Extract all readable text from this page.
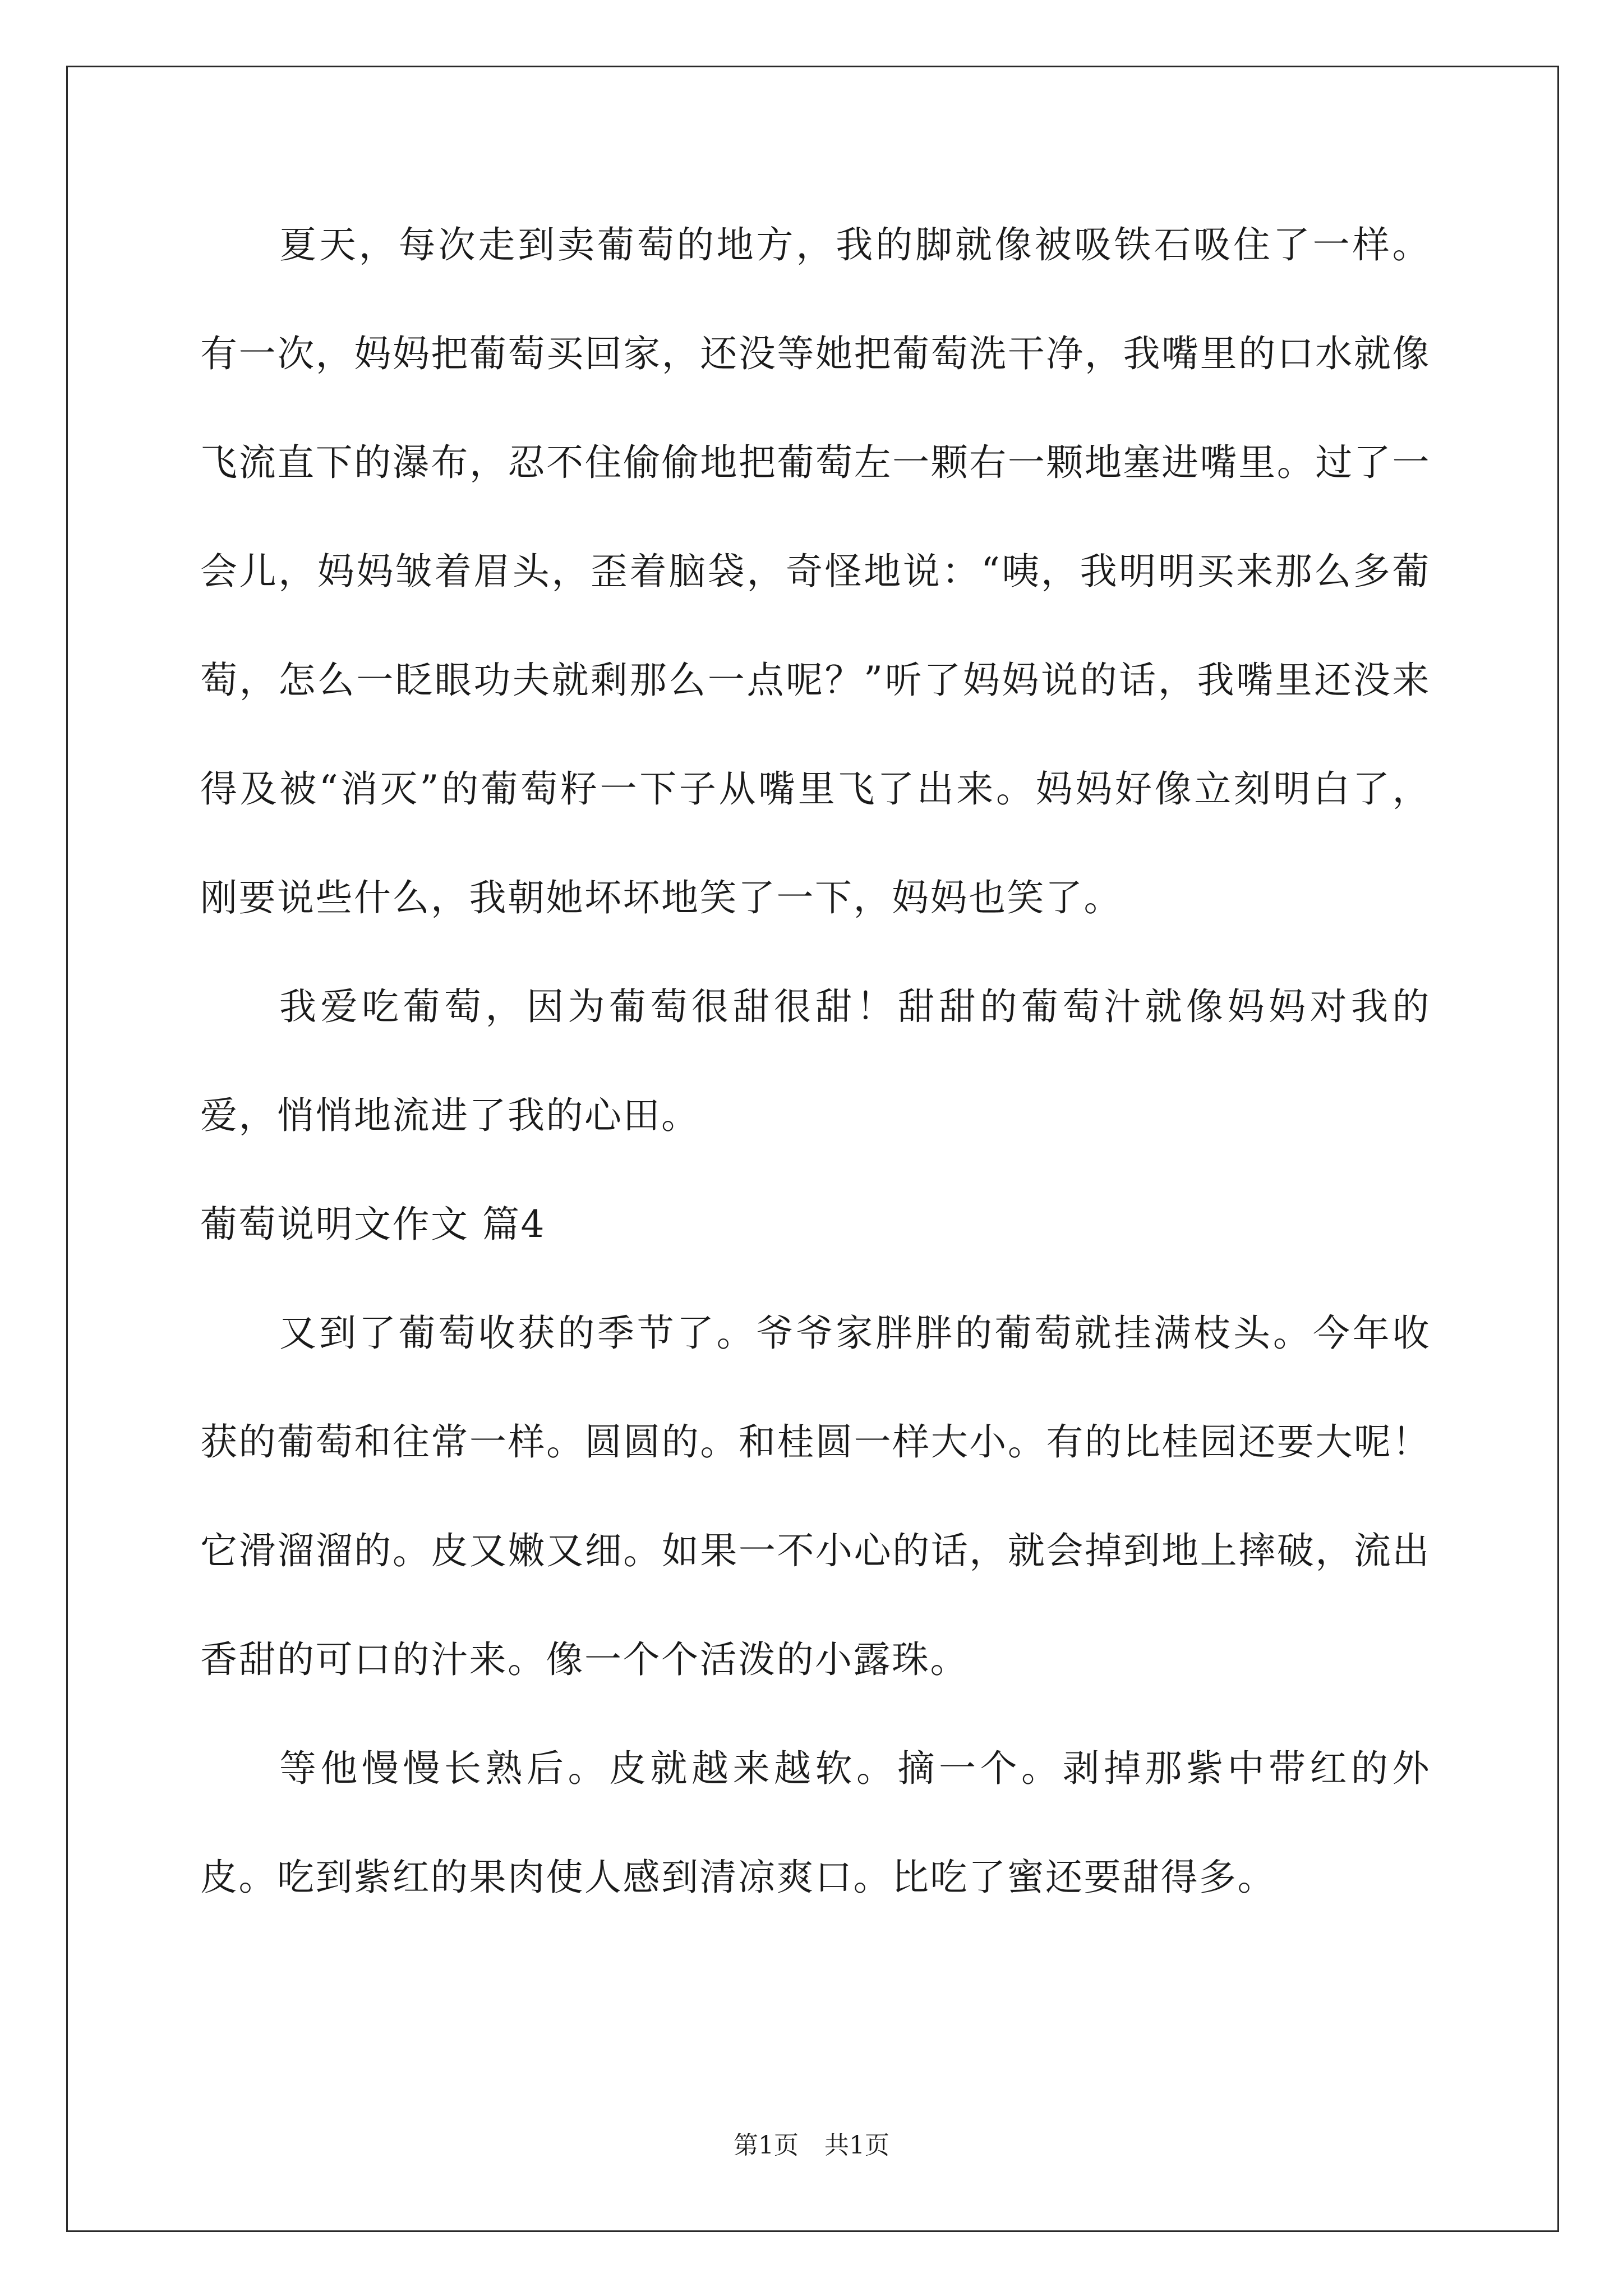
夏天，每次走到卖葡萄的地方，我的脚就像被吸铁石吸住了一样。有一次，妈妈把葡萄买回家，还没等她把葡萄洗干净，我嘴里的口水就像飞流直下的瀑布，忍不住偷偷地把葡萄左一颗右一颗地塞进嘴里。过了一会儿，妈妈皱着眉头，歪着脑袋，奇怪地说：“咦，我明明买来那么多葡萄，怎么一眨眼功夫就剩那么一点呢？”听了妈妈说的话，我嘴里还没来得及被“消灭”的葡萄籽一下子从嘴里飞了出来。妈妈好像立刻明白了，刚要说些什么，我朝她坏坏地笑了一下，妈妈也笑了。

我爱吃葡萄，因为葡萄很甜很甜！甜甜的葡萄汁就像妈妈对我的爱，悄悄地流进了我的心田。

葡萄说明文作文 篇4

又到了葡萄收获的季节了。爷爷家胖胖的葡萄就挂满枝头。今年收获的葡萄和往常一样。圆圆的。和桂圆一样大小。有的比桂园还要大呢！它滑溜溜的。皮又嫩又细。如果一不小心的话，就会掉到地上摔破，流出香甜的可口的汁来。像一个个活泼的小露珠。

等他慢慢长熟后。皮就越来越软。摘一个。剥掉那紫中带红的外皮。吃到紫红的果肉使人感到清凉爽口。比吃了蜜还要甜得多。

第1页 共1页
